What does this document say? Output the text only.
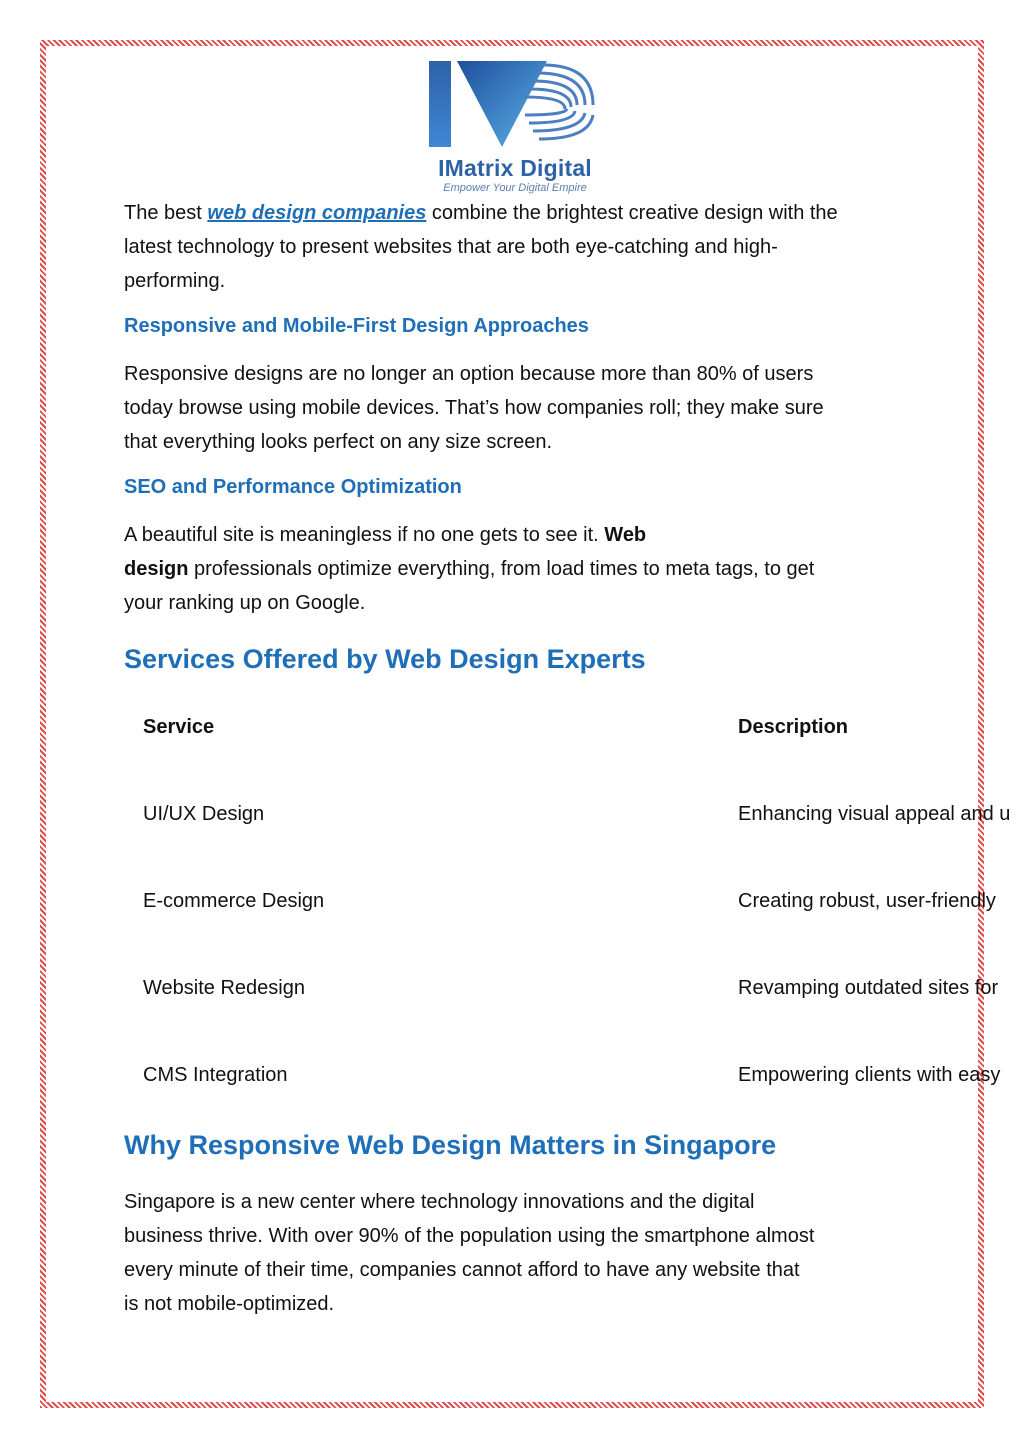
IMatrix Digital
Empower Your Digital Empire

The best web design companies combine the brightest creative design with the
latest technology to present websites that are both eye-catching and high-
performing.

Responsive and Mobile-First Design Approaches

Responsive designs are no longer an option because more than 80% of users
today browse using mobile devices. That’s how companies roll; they make sure
that everything looks perfect on any size screen.

SEO and Performance Optimization

A beautiful site is meaningless if no one gets to see it. Web
design professionals optimize everything, from load times to meta tags, to get
your ranking up on Google.

Services Offered by Web Design Experts
Service	Description
UI/UX Design	Enhancing visual appeal and u
E-commerce Design	Creating robust, user-friendly
Website Redesign	Revamping outdated sites for
CMS Integration	Empowering clients with easy
Why Responsive Web Design Matters in Singapore

Singapore is a new center where technology innovations and the digital
business thrive. With over 90% of the population using the smartphone almost
every minute of their time, companies cannot afford to have any website that
is not mobile-optimized.
